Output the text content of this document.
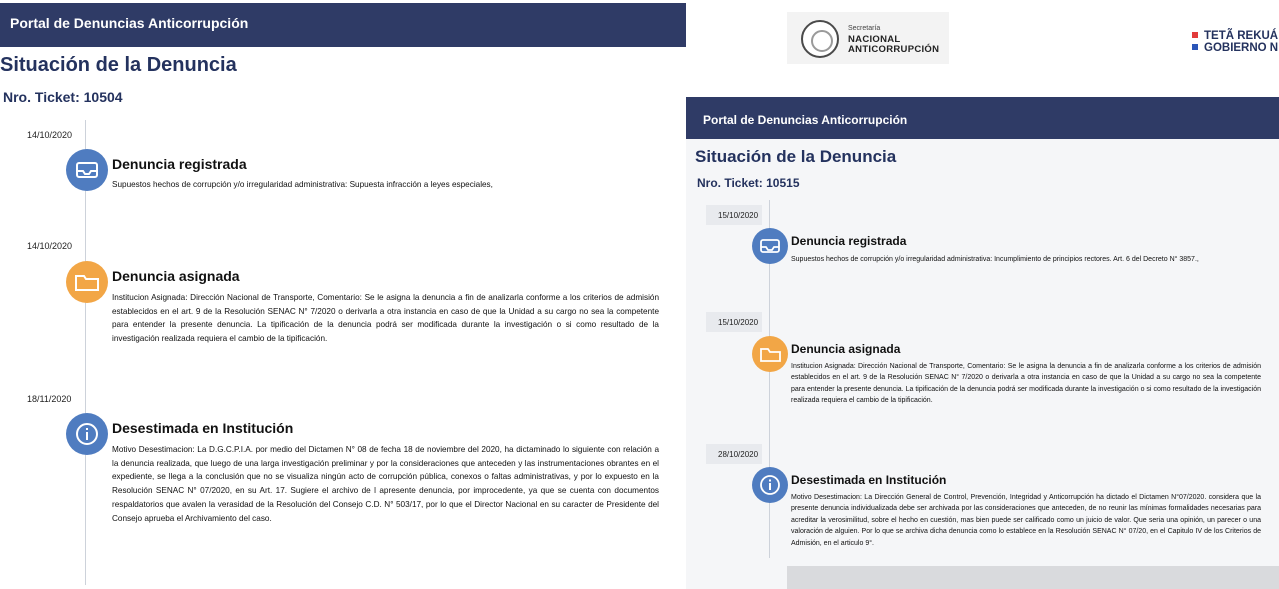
Portal de Denuncias Anticorrupción
Situación de la Denuncia
Nro. Ticket: 10504
14/10/2020
Denuncia registrada
Supuestos hechos de corrupción y/o irregularidad administrativa: Supuesta infracción a leyes especiales,
14/10/2020
Denuncia asignada
Institucion Asignada: Dirección Nacional de Transporte, Comentario: Se le asigna la denuncia a fin de analizarla conforme a los criterios de admisión establecidos en el art. 9 de la Resolución SENAC N° 7/2020 o derivarla a otra instancia en caso de que la Unidad a su cargo no sea la competente para entender la presente denuncia. La tipificación de la denuncia podrá ser modificada durante la investigación o si como resultado de la investigación realizada requiera el cambio de la tipificación.
18/11/2020
Desestimada en Institución
Motivo Desestimacion: La D.G.C.P.I.A. por medio del Dictamen N° 08 de fecha 18 de noviembre del 2020, ha dictaminado lo siguiente con relación a la denuncia realizada, que luego de una larga investigación preliminar y por la consideraciones que anteceden y las instrumentaciones obrantes en el expediente, se llega a la conclusión que no se visualiza ningún acto de corrupción pública, conexos o faltas administrativas, y por lo expuesto en la Resolución SENAC N° 07/2020, en su Art. 17. Sugiere el archivo de l apresente denuncia, por improcedente, ya que se cuenta con documentos respaldatorios que avalen la verasidad de la Resolución del Consejo C.D. N° 503/17, por lo que el Director Nacional en su caracter de Presidente del Consejo aprueba el Archivamiento del caso.
Secretaría
NACIONAL
ANTICORRUPCIÓN
TETÃ REKUÁ
GOBIERNO N
Portal de Denuncias Anticorrupción
Situación de la Denuncia
Nro. Ticket: 10515
15/10/2020
Denuncia registrada
Supuestos hechos de corrupción y/o irregularidad administrativa: Incumplimiento de principios rectores. Art. 6 del Decreto N° 3857.,
15/10/2020
Denuncia asignada
Institucion Asignada: Dirección Nacional de Transporte, Comentario: Se le asigna la denuncia a fin de analizarla conforme a los criterios de admisión establecidos en el art. 9 de la Resolución SENAC N° 7/2020 o derivarla a otra instancia en caso de que la Unidad a su cargo no sea la competente para entender la presente denuncia. La tipificación de la denuncia podrá ser modificada durante la investigación o si como resultado de la investigación realizada requiera el cambio de la tipificación.
28/10/2020
Desestimada en Institución
Motivo Desestimacion: La Dirección General de Control, Prevención, Integridad y Anticorrupción ha dictado el Dictamen N°07/2020. considera que la presente denuncia individualizada debe ser archivada por las consideraciones que anteceden, de no reunir las mínimas formalidades necesarias para acreditar la verosimilitud, sobre el hecho en cuestión, mas bien puede ser calificado como un juicio de valor. Que seria una opinión, un parecer o una valoración de alguien. Por lo que se archiva dicha denuncia como lo establece en la Resolución SENAC N° 07/20, en el Capitulo IV de los Criterios de Admisión, en el articulo 9°.
